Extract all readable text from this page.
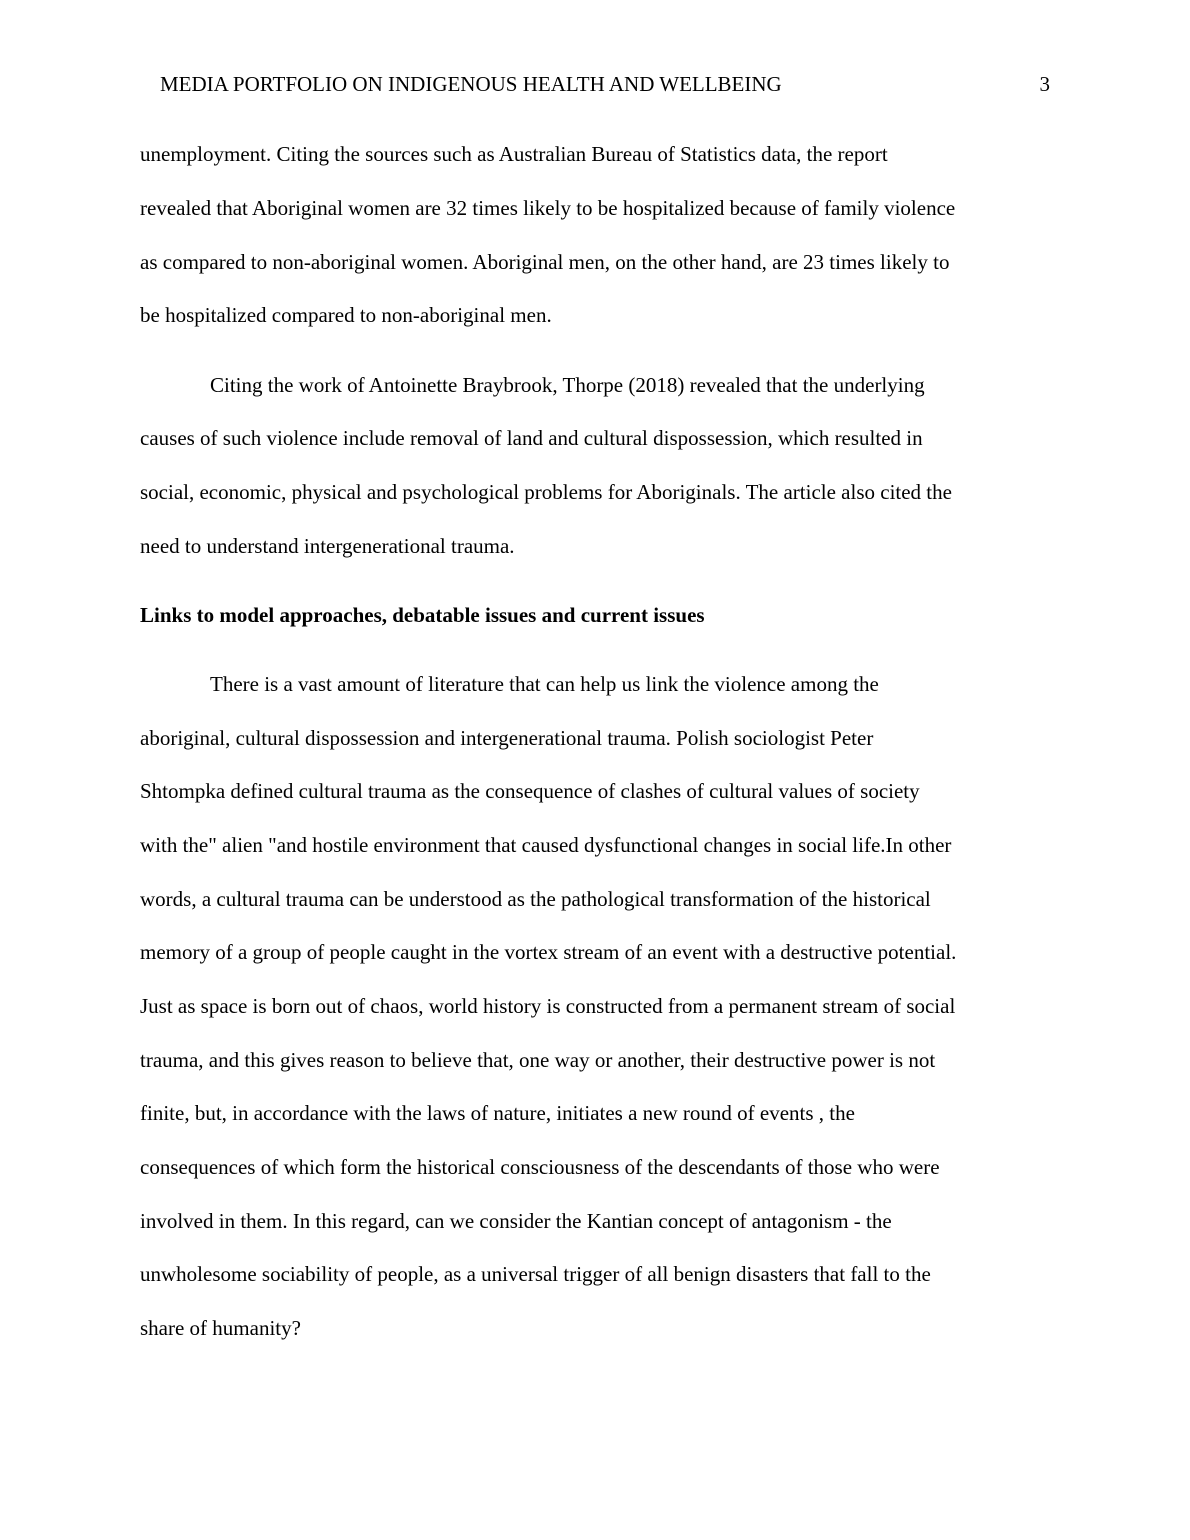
MEDIA PORTFOLIO ON INDIGENOUS HEALTH AND WELLBEING	3
unemployment. Citing the sources such as Australian Bureau of Statistics data, the report
revealed that Aboriginal women are 32 times likely to be hospitalized because of family violence
as compared to non-aboriginal women. Aboriginal men, on the other hand, are 23 times likely to
be hospitalized compared to non-aboriginal men.
Citing the work of Antoinette Braybrook, Thorpe (2018) revealed that the underlying
causes of such violence include removal of land and cultural dispossession, which resulted in
social, economic, physical and psychological problems for Aboriginals. The article also cited the
need to understand intergenerational trauma.
Links to model approaches, debatable issues and current issues
There is a vast amount of literature that can help us link the violence among the
aboriginal, cultural dispossession and intergenerational trauma. Polish sociologist Peter
Shtompka defined cultural trauma as the consequence of clashes of cultural values of society
with the" alien "and hostile environment that caused dysfunctional changes in social life.In other
words, a cultural trauma can be understood as the pathological transformation of the historical
memory of a group of people caught in the vortex stream of an event with a destructive potential.
Just as space is born out of chaos, world history is constructed from a permanent stream of social
trauma, and this gives reason to believe that, one way or another, their destructive power is not
finite, but, in accordance with the laws of nature, initiates a new round of events , the
consequences of which form the historical consciousness of the descendants of those who were
involved in them. In this regard, can we consider the Kantian concept of antagonism - the
unwholesome sociability of people, as a universal trigger of all benign disasters that fall to the
share of humanity?
